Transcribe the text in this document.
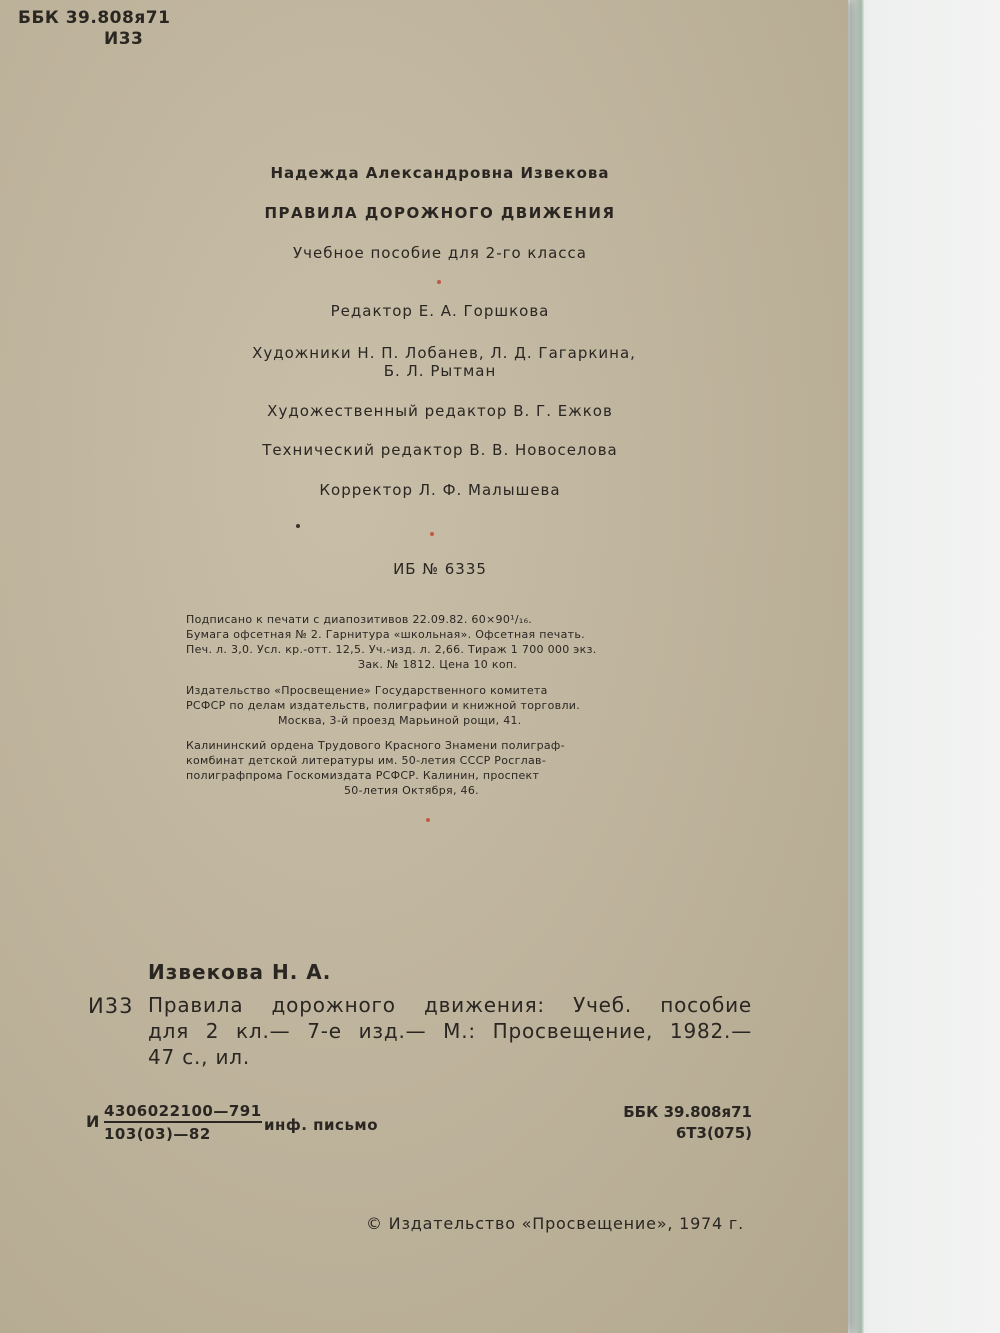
ББК 39.808я71
И33
Надежда Александровна Извекова
ПРАВИЛА ДОРОЖНОГО ДВИЖЕНИЯ
Учебное пособие для 2-го класса
Редактор Е. А. Горшкова
Художники Н. П. Лобанев, Л. Д. Гагаркина,
Б. Л. Рытман
Художественный редактор В. Г. Ежков
Технический редактор В. В. Новоселова
Корректор Л. Ф. Малышева
ИБ № 6335
Подписано к печати с диапозитивов 22.09.82. 60×90¹/₁₆.
Бумага офсетная № 2. Гарнитура «школьная». Офсетная печать.
Печ. л. 3,0. Усл. кр.-отт. 12,5. Уч.-изд. л. 2,66. Тираж 1 700 000 экз.
Зак. № 1812. Цена 10 коп.
Издательство «Просвещение» Государственного комитета
РСФСР по делам издательств, полиграфии и книжной торговли.
Москва, 3-й проезд Марьиной рощи, 41.
Калининский ордена Трудового Красного Знамени полиграф-
комбинат детской литературы им. 50-летия СССР Росглав-
полиграфпрома Госкомиздата РСФСР. Калинин, проспект
50-летия Октября, 46.
Извекова Н. А.
И33 Правила дорожного движения: Учеб. пособие
для 2 кл.— 7-е изд.— М.: Просвещение, 1982.—
47 с., ил.
И $\frac{4306022100—791}{103(03)—82}$ инф. письмо
ББК 39.808я71
6Т3(075)
© Издательство «Просвещение», 1974 г.
